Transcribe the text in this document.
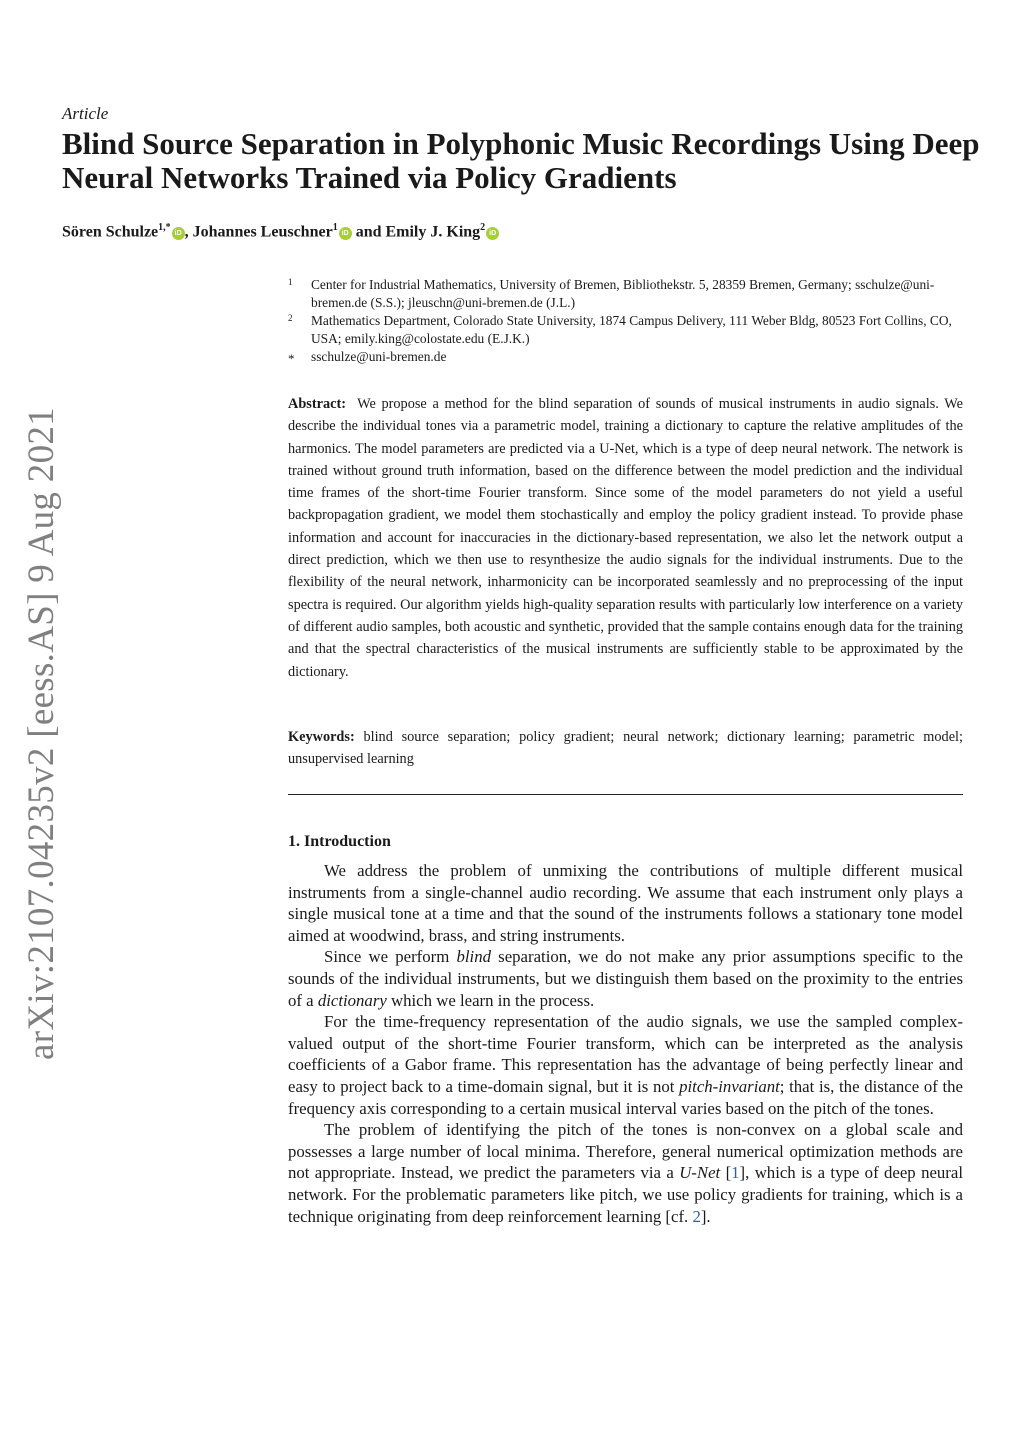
Article
Blind Source Separation in Polyphonic Music Recordings Using Deep Neural Networks Trained via Policy Gradients
Sören Schulze$^{1,*}$iD , Johannes Leuschner$^1$iD and Emily J. King$^2$iD
1 Center for Industrial Mathematics, University of Bremen, Bibliothekstr. 5, 28359 Bremen, Germany; sschulze@uni-bremen.de (S.S.); jleuschn@uni-bremen.de (J.L.)
2 Mathematics Department, Colorado State University, 1874 Campus Delivery, 111 Weber Bldg, 80523 Fort Collins, CO, USA; emily.king@colostate.edu (E.J.K.)
* sschulze@uni-bremen.de

Abstract: We propose a method for the blind separation of sounds of musical instruments in audio signals. We describe the individual tones via a parametric model, training a dictionary to capture the relative amplitudes of the harmonics. The model parameters are predicted via a U-Net, which is a type of deep neural network. The network is trained without ground truth information, based on the difference between the model prediction and the individual time frames of the short-time Fourier transform. Since some of the model parameters do not yield a useful backpropagation gradient, we model them stochastically and employ the policy gradient instead. To provide phase information and account for inaccuracies in the dictionary-based representation, we also let the network output a direct prediction, which we then use to resynthesize the audio signals for the individual instruments. Due to the flexibility of the neural network, inharmonicity can be incorporated seamlessly and no preprocessing of the input spectra is required. Our algorithm yields high-quality separation results with particularly low interference on a variety of different audio samples, both acoustic and synthetic, provided that the sample contains enough data for the training and that the spectral characteristics of the musical instruments are sufficiently stable to be approximated by the dictionary.

Keywords: blind source separation; policy gradient; neural network; dictionary learning; parametric model; unsupervised learning

1. Introduction

We address the problem of unmixing the contributions of multiple different musical instruments from a single-channel audio recording. We assume that each instrument only plays a single musical tone at a time and that the sound of the instruments follows a stationary tone model aimed at woodwind, brass, and string instruments.

Since we perform blind separation, we do not make any prior assumptions specific to the sounds of the individual instruments, but we distinguish them based on the proximity to the entries of a dictionary which we learn in the process.

For the time-frequency representation of the audio signals, we use the sampled complex-valued output of the short-time Fourier transform, which can be interpreted as the analysis coefficients of a Gabor frame. This representation has the advantage of being perfectly linear and easy to project back to a time-domain signal, but it is not pitch-invariant; that is, the distance of the frequency axis corresponding to a certain musical interval varies based on the pitch of the tones.

The problem of identifying the pitch of the tones is non-convex on a global scale and possesses a large number of local minima. Therefore, general numerical optimization methods are not appropriate. Instead, we predict the parameters via a U-Net [1], which is a type of deep neural network. For the problematic parameters like pitch, we use policy gradients for training, which is a technique originating from deep reinforcement learning [cf. 2].

arXiv:2107.04235v2 [eess.AS] 9 Aug 2021
